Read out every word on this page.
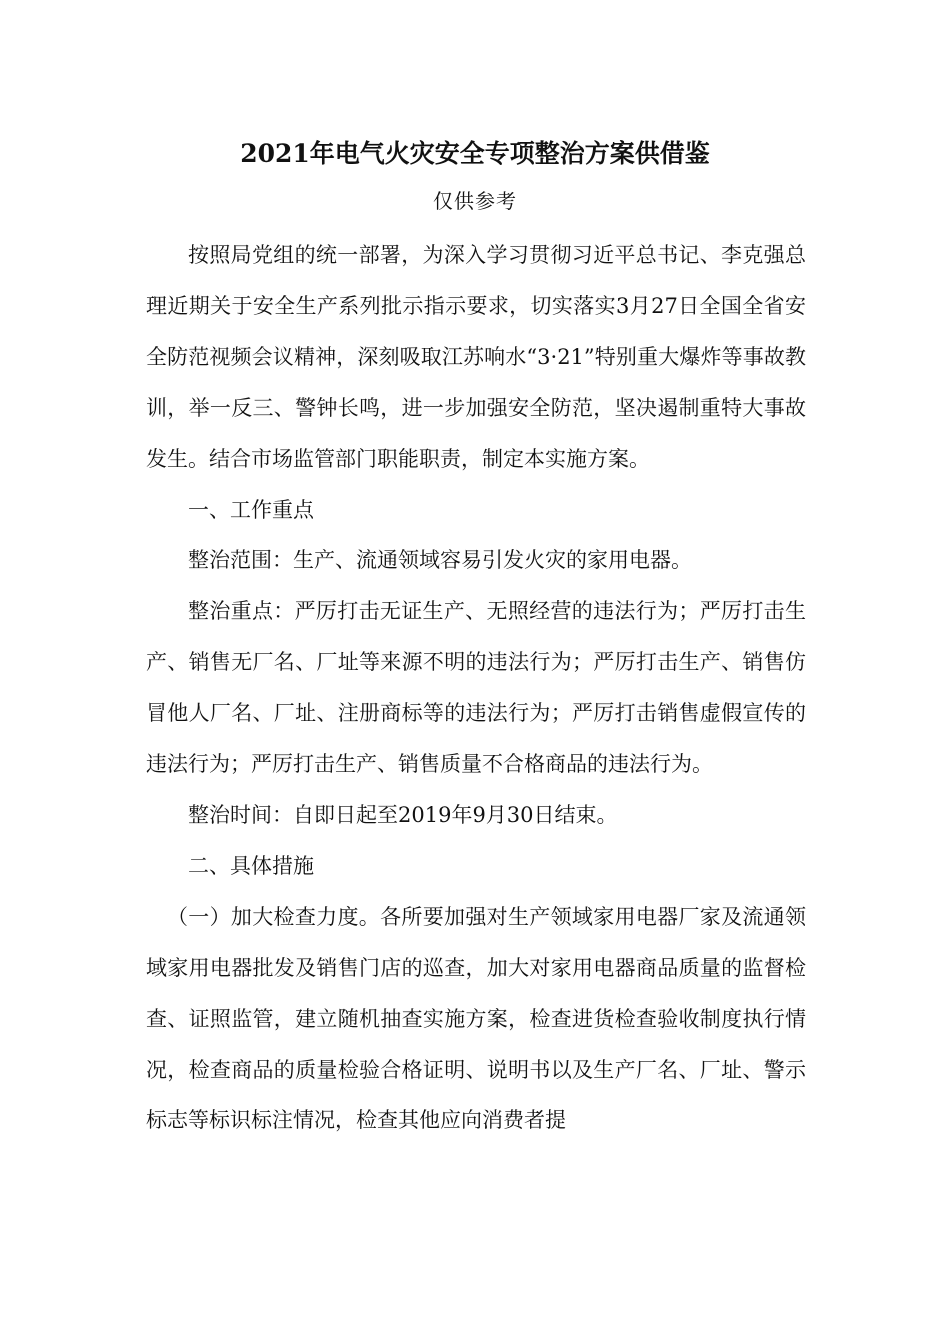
2021年电气火灾安全专项整治方案供借鉴
仅供参考

按照局党组的统一部署，为深入学习贯彻习近平总书记、李克强总理近期关于安全生产系列批示指示要求，切实落实3月27日全国全省安全防范视频会议精神，深刻吸取江苏响水“3·21”特别重大爆炸等事故教训，举一反三、警钟长鸣，进一步加强安全防范，坚决遏制重特大事故发生。结合市场监管部门职能职责，制定本实施方案。

一、工作重点

整治范围：生产、流通领域容易引发火灾的家用电器。

整治重点：严厉打击无证生产、无照经营的违法行为；严厉打击生产、销售无厂名、厂址等来源不明的违法行为；严厉打击生产、销售仿冒他人厂名、厂址、注册商标等的违法行为；严厉打击销售虚假宣传的违法行为；严厉打击生产、销售质量不合格商品的违法行为。

整治时间：自即日起至2019年9月30日结束。

二、具体措施

（一）加大检查力度。各所要加强对生产领域家用电器厂家及流通领域家用电器批发及销售门店的巡查，加大对家用电器商品质量的监督检查、证照监管，建立随机抽查实施方案，检查进货检查验收制度执行情况，检查商品的质量检验合格证明、说明书以及生产厂名、厂址、警示标志等标识标注情况，检查其他应向消费者提
